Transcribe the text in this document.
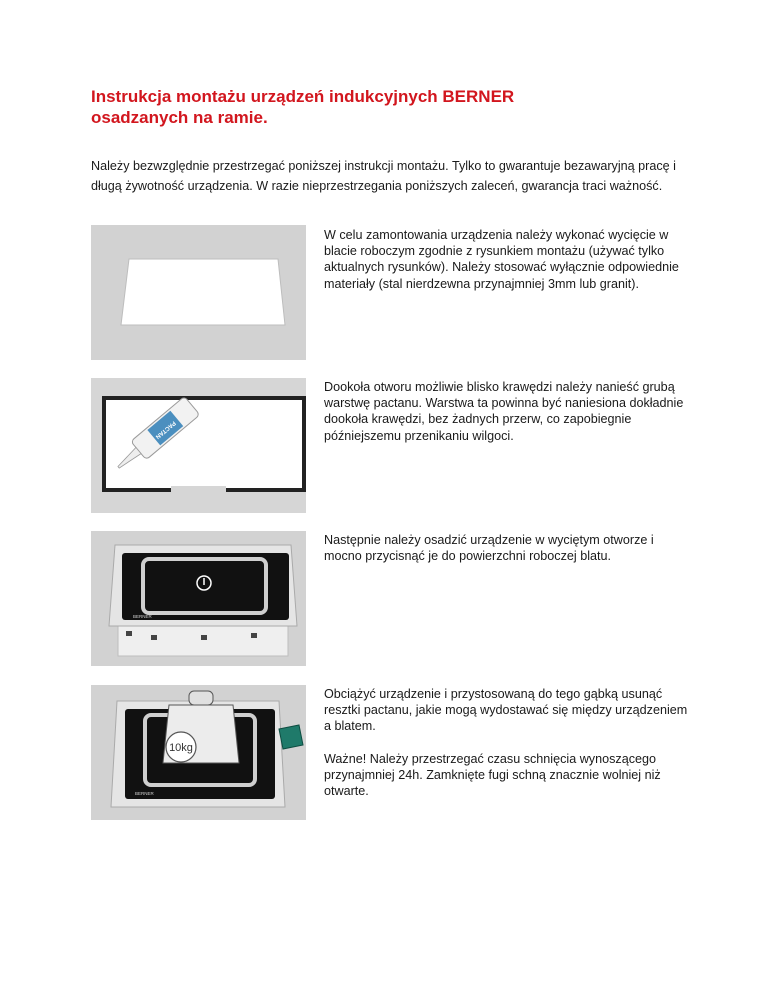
Instrukcja montażu urządzeń indukcyjnych BERNER
osadzanych na ramie.

Należy bezwzględnie przestrzegać poniższej instrukcji montażu. Tylko to gwarantuje bezawaryjną pracę i długą żywotność urządzenia. W razie nieprzestrzegania poniższych zaleceń, gwarancja traci ważność.

W celu zamontowania urządzenia należy wykonać wycięcie w blacie roboczym zgodnie z rysunkiem montażu (używać tylko aktualnych rysunków). Należy stosować wyłącznie odpowiednie materiały (stal nierdzewna przynajmniej 3mm lub granit).

PACTAN

Dookoła otworu możliwie blisko krawędzi należy nanieść grubą warstwę pactanu. Warstwa ta powinna być naniesiona dokładnie dookoła krawędzi, bez żadnych przerw, co zapobiegnie późniejszemu przenikaniu wilgoci.

BERNER

Następnie należy osadzić urządzenie w wyciętym otworze i mocno przycisnąć je do powierzchni roboczej blatu.

BERNER
10kg

Obciążyć urządzenie i przystosowaną do tego gąbką usunąć resztki pactanu, jakie mogą wydostawać się między urządzeniem a blatem.

Ważne! Należy przestrzegać czasu schnięcia wynoszącego przynajmniej 24h. Zamknięte fugi schną znacznie wolniej niż otwarte.
